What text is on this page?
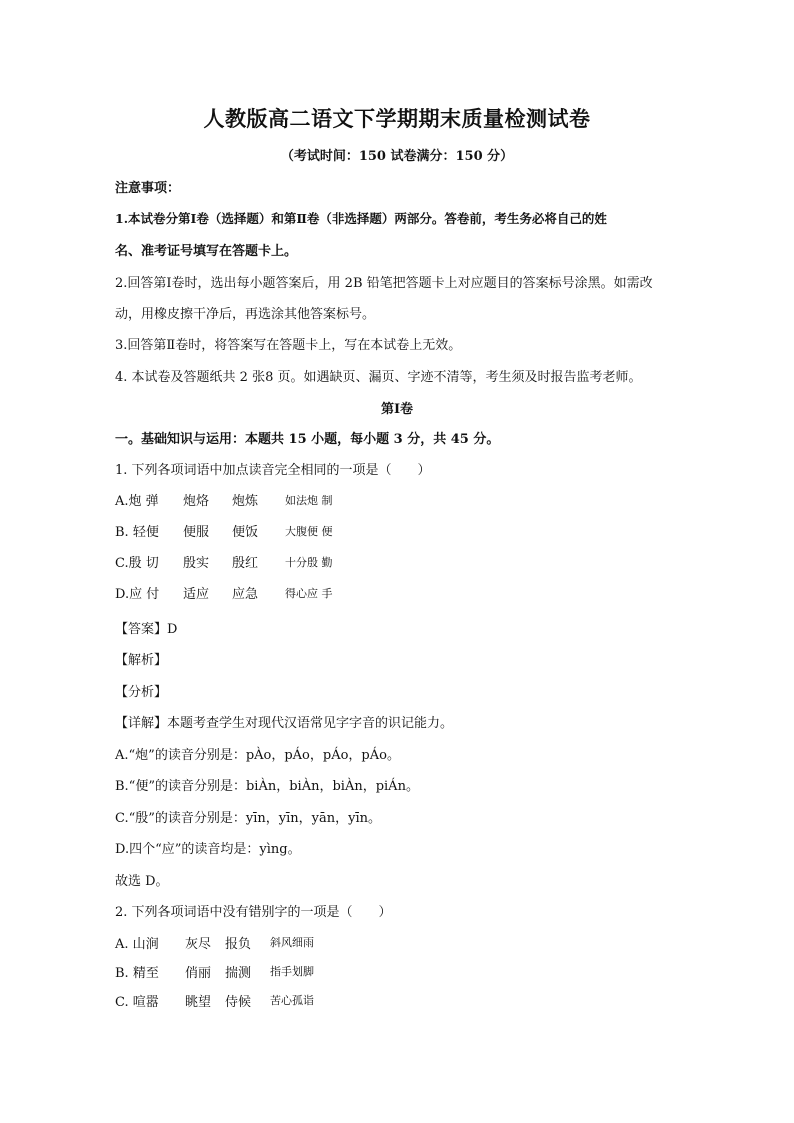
人教版高二语文下学期期末质量检测试卷
（考试时间：150 试卷满分：150 分）
注意事项：
1.本试卷分第Ⅰ卷（选择题）和第Ⅱ卷（非选择题）两部分。答卷前，考生务必将自己的姓
名、准考证号填写在答题卡上。
2.回答第Ⅰ卷时，选出每小题答案后，用 2B 铅笔把答题卡上对应题目的答案标号涂黑。如需改
动，用橡皮擦干净后，再选涂其他答案标号。
3.回答第Ⅱ卷时，将答案写在答题卡上，写在本试卷上无效。
4. 本试卷及答题纸共 2 张8 页。如遇缺页、漏页、字迹不清等，考生须及时报告监考老师。
第Ⅰ卷
一。基础知识与运用：本题共 15 小题，每小题 3 分，共 45 分。
1. 下列各项词语中加点读音完全相同的一项是（　　）
A.炮 弹 炮烙 炮炼 如法炮 制
B. 轻便 便服 便饭 大腹便 便
C.殷 切 殷实 殷红 十分殷 勤
D.应 付 适应 应急 得心应 手
【答案】D
【解析】
【分析】
【详解】本题考查学生对现代汉语常见字字音的识记能力。
A.“炮”的读音分别是：pÀo，pÁo，pÁo，pÁo。
B.“便”的读音分别是：biÀn，biÀn，biÀn，piÁn。
C.“殷”的读音分别是：yīn，yīn，yān，yīn。
D.四个“应”的读音均是：yìng。
故选 D。
2. 下列各项词语中没有错别字的一项是（　　）
A. 山涧 灰尽 报负 斜风细雨
B. 精至 俏丽 揣测 指手划脚
C. 喧嚣 眺望 侍候 苦心孤诣
